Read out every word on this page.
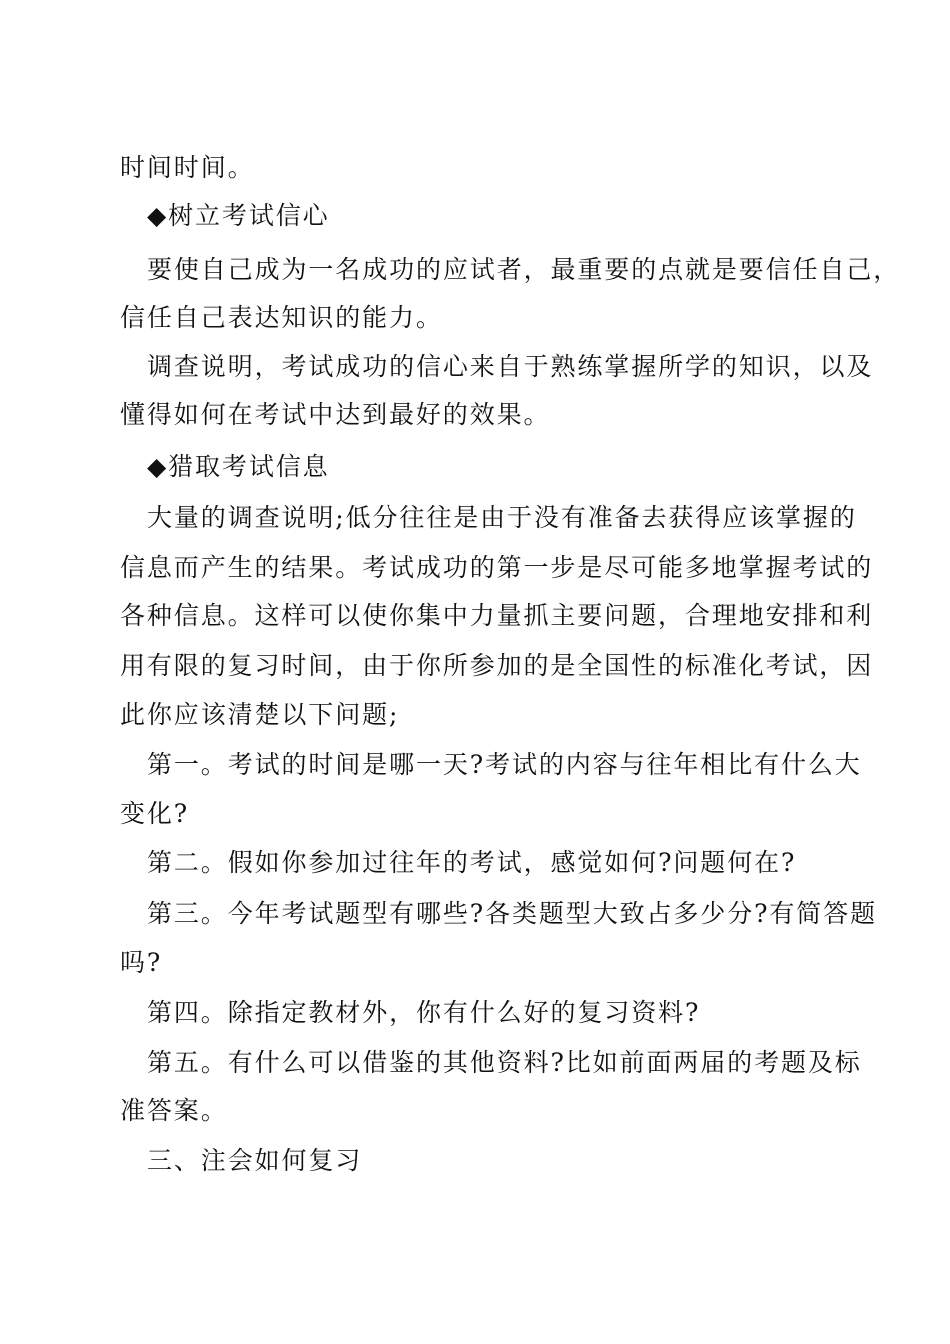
时间时间。
◆树立考试信心
要使自己成为一名成功的应试者，最重要的点就是要信任自己，
信任自己表达知识的能力。
调查说明，考试成功的信心来自于熟练掌握所学的知识，以及
懂得如何在考试中达到最好的效果。
◆猎取考试信息
大量的调查说明;低分往往是由于没有准备去获得应该掌握的
信息而产生的结果。考试成功的第一步是尽可能多地掌握考试的
各种信息。这样可以使你集中力量抓主要问题，合理地安排和利
用有限的复习时间，由于你所参加的是全国性的标准化考试，因
此你应该清楚以下问题;
第一。考试的时间是哪一天?考试的内容与往年相比有什么大
变化?
第二。假如你参加过往年的考试，感觉如何?问题何在?
第三。今年考试题型有哪些?各类题型大致占多少分?有简答题
吗?
第四。除指定教材外，你有什么好的复习资料?
第五。有什么可以借鉴的其他资料?比如前面两届的考题及标
准答案。
三、注会如何复习
